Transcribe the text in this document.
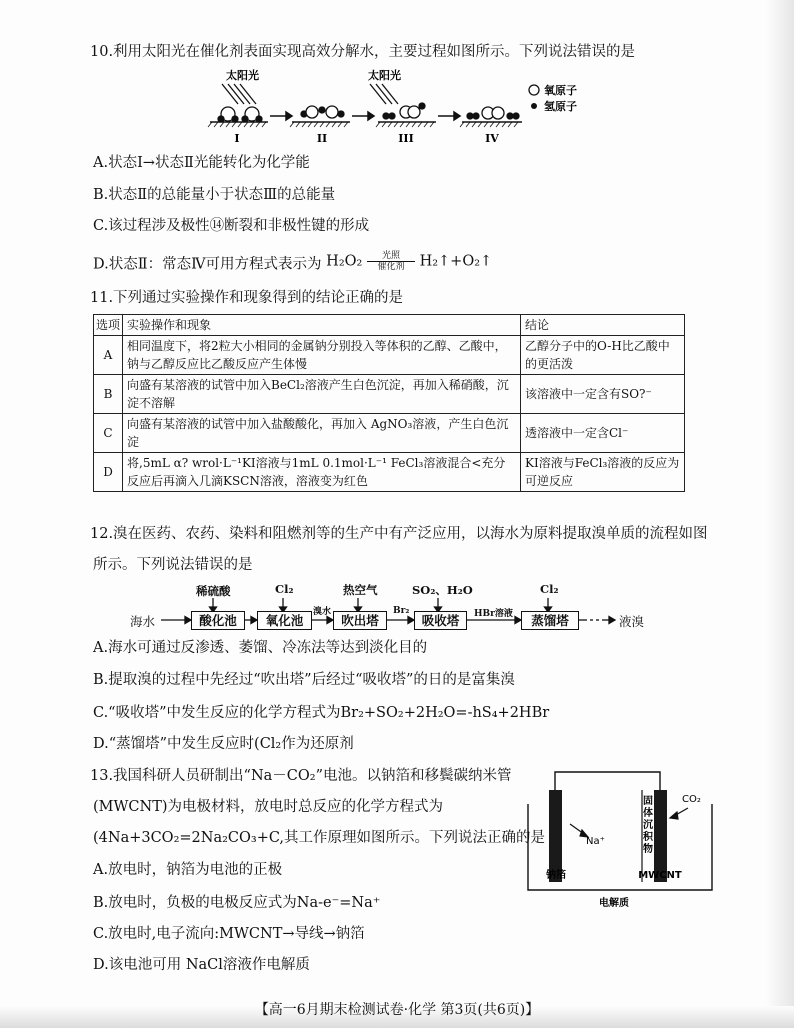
10.利用太阳光在催化剂表面实现高效分解水，主要过程如图所示。下列说法错误的是
太阳光	太阳光
I	II	III	IV
氧原子
氢原子
A.状态Ⅰ→状态Ⅱ光能转化为化学能
B.状态Ⅱ的总能量小于状态Ⅲ的总能量
C.该过程涉及极性⑭断裂和非极性键的形成
D.状态Ⅱ：常态Ⅳ可用方程式表示为 H₂O₂	光照
催化剂	H₂↑+O₂↑
11.下列通过实验操作和现象得到的结论正确的是
选项	实验操作和现象	结论
A	相同温度下，将2粒大小相同的金属钠分别投入等体积的乙醇、乙酸中，钠与乙醇反应比乙酸反应产生体慢	乙醇分子中的O-H比乙酸中的更活泼
B	向盛有某溶液的试管中加入BeCl₂溶液产生白色沉淀，再加入稀硝酸，沉淀不溶解	该溶液中一定含有SO?⁻
C	向盛有某溶液的试管中加入盐酸酸化，再加入 AgNO₃溶液，产生白色沉淀	透溶液中一定含Cl⁻
D	将,5mL α? wrol·L⁻¹KI溶液与1mL 0.1mol·L⁻¹ FeCl₃溶液混合<充分反应后再滴入几滴KSCN溶液，溶液变为红色	KI溶液与FeCl₃溶液的反应为可逆反应
12.溴在医药、农药、染料和阻燃剂等的生产中有产泛应用，以海水为原料提取溴单质的流程如图
所示。下列说法错误的是
稀硫酸	Cl₂	热空气	SO₂、H₂O	Cl₂
海水	酸化池	氧化池
溴水
吹出塔
Br₂
吸收塔	HBr溶液	蒸馏塔	液溴
A.海水可通过反渗透、萎馏、冷冻法等达到淡化目的
B.提取溴的过程中先经过“吹出塔”后经过“吸收塔”的日的是富集溴
C.“吸收塔”中发生反应的化学方程式为Br₂+SO₂+2H₂O=-hS₄+2HBr
D.“蒸馏塔”中发生反应时(Cl₂作为还原剂
13.我国科研人员研制出“Na－CO₂”电池。以钠箔和移鬓碳纳米管
(MWCNT)为电极材料，放电时总反应的化学方程式为
(4Na+3CO₂=2Na₂CO₃+C,其工作原理如图所示。下列说法正确的是
A.放电时，钠箔为电池的正极
B.放电时，负极的电极反应式为Na-e⁻=Na⁺
C.放电时,电子流向:MWCNT→导线→钠箔
D.该电池可用 NaCl溶液作电解质
Na⁺
CO₂
固
体
沉
积
物
钠箔	MWCNT
电解质
【高一6月期末检测试卷·化学 第3页(共6页)】
